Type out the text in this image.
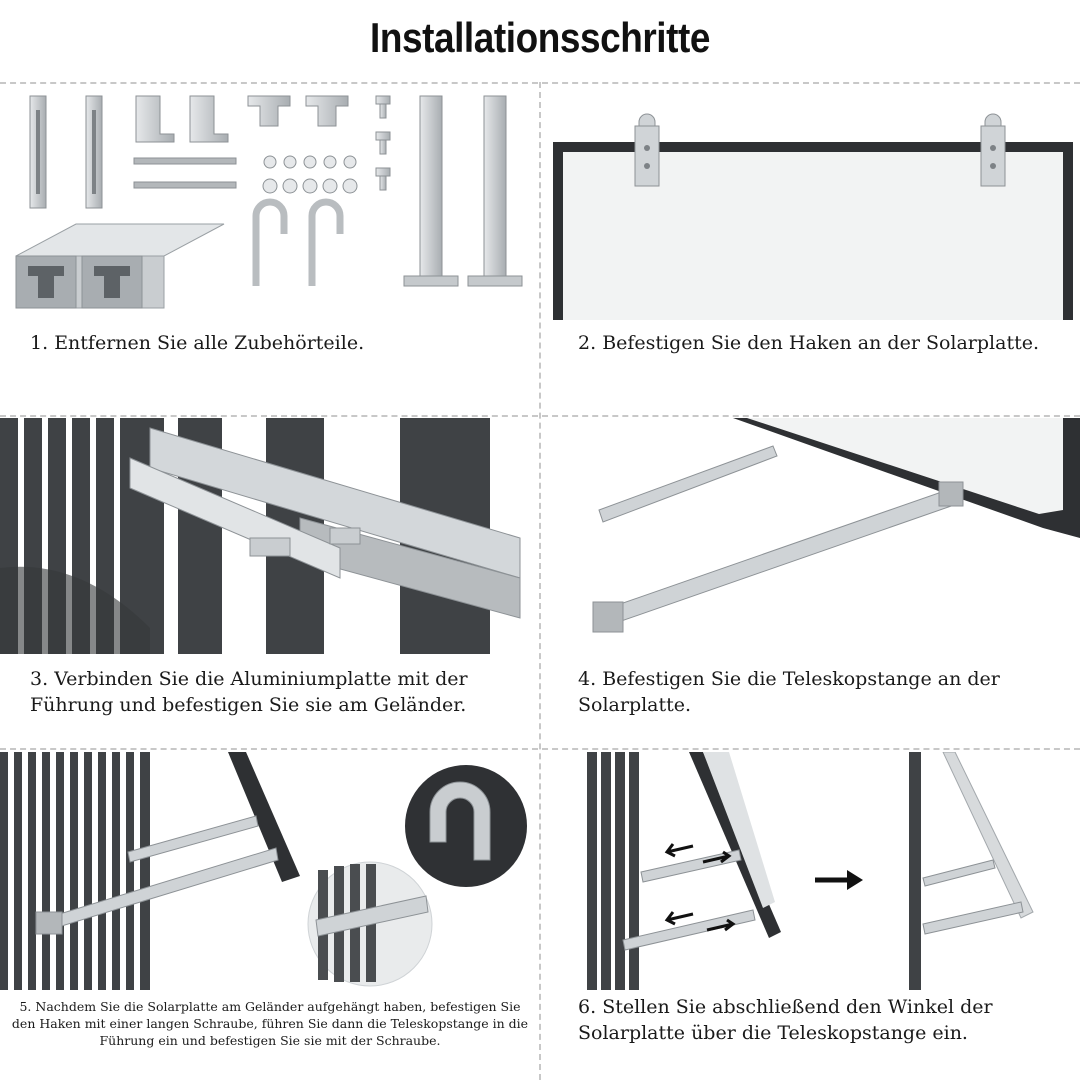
Installationsschritte
1. Entfernen Sie alle Zubehörteile.	2. Befestigen Sie den Haken an der Solarplatte.
3. Verbinden Sie die Aluminiumplatte mit der Führung und befestigen Sie sie am Geländer.
4. Befestigen Sie die Teleskopstange an der Solarplatte.
5. Nachdem Sie die Solarplatte am Geländer aufgehängt haben, befestigen Sie den Haken mit einer langen Schraube, führen Sie dann die Teleskopstange in die Führung ein und befestigen Sie sie mit der Schraube.
6. Stellen Sie abschließend den Winkel der Solarplatte über die Teleskopstange ein.
